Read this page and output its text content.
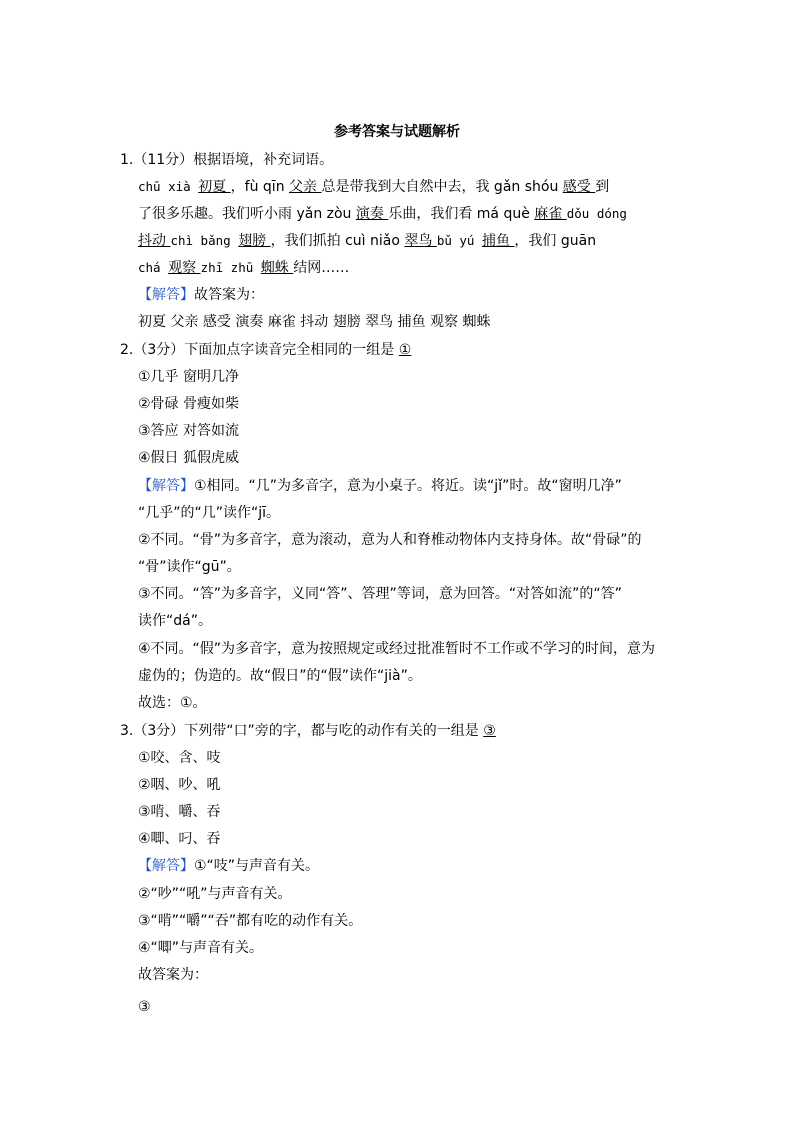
参考答案与试题解析
1.（11分）根据语境，补充词语。
chū xià 初夏 ，fù qīn 父亲 总是带我到大自然中去，我 gǎn shóu 感受 到
了很多乐趣。我们听小雨 yǎn zòu 演奏 乐曲，我们看 má què 麻雀 dǒu dóng
抖动 chì bǎng 翅膀 ，我们抓拍 cuì niǎo 翠鸟 bǔ yú 捕鱼 ，我们 guān
chá 观察 zhī zhū 蜘蛛 结网……
【解答】故答案为：
初夏 父亲 感受 演奏 麻雀 抖动 翅膀 翠鸟 捕鱼 观察 蜘蛛
2.（3分）下面加点字读音完全相同的一组是 ①
①几乎 窗明几净
②骨碌 骨瘦如柴
③答应 对答如流
④假日 狐假虎威
【解答】①相同。“几”为多音字，意为小桌子。将近。读“jǐ”时。故“窗明几净”
“几乎”的“几”读作“jī。
②不同。“骨”为多音字，意为滚动，意为人和脊椎动物体内支持身体。故“骨碌”的
“骨”读作“gū”。
③不同。“答”为多音字，义同“答”、答理”等词，意为回答。“对答如流”的“答”
读作“dá”。
④不同。“假”为多音字，意为按照规定或经过批准暂时不工作或不学习的时间，意为
虚伪的；伪造的。故“假日”的“假”读作“jià”。
故选：①。
3.（3分）下列带“口”旁的字，都与吃的动作有关的一组是 ③
①咬、含、吱
②咽、吵、吼
③啃、嚼、吞
④唧、叼、吞
【解答】①“吱”与声音有关。
②“吵”“吼”与声音有关。
③“啃”“嚼”“吞”都有吃的动作有关。
④“唧”与声音有关。
故答案为：
③
